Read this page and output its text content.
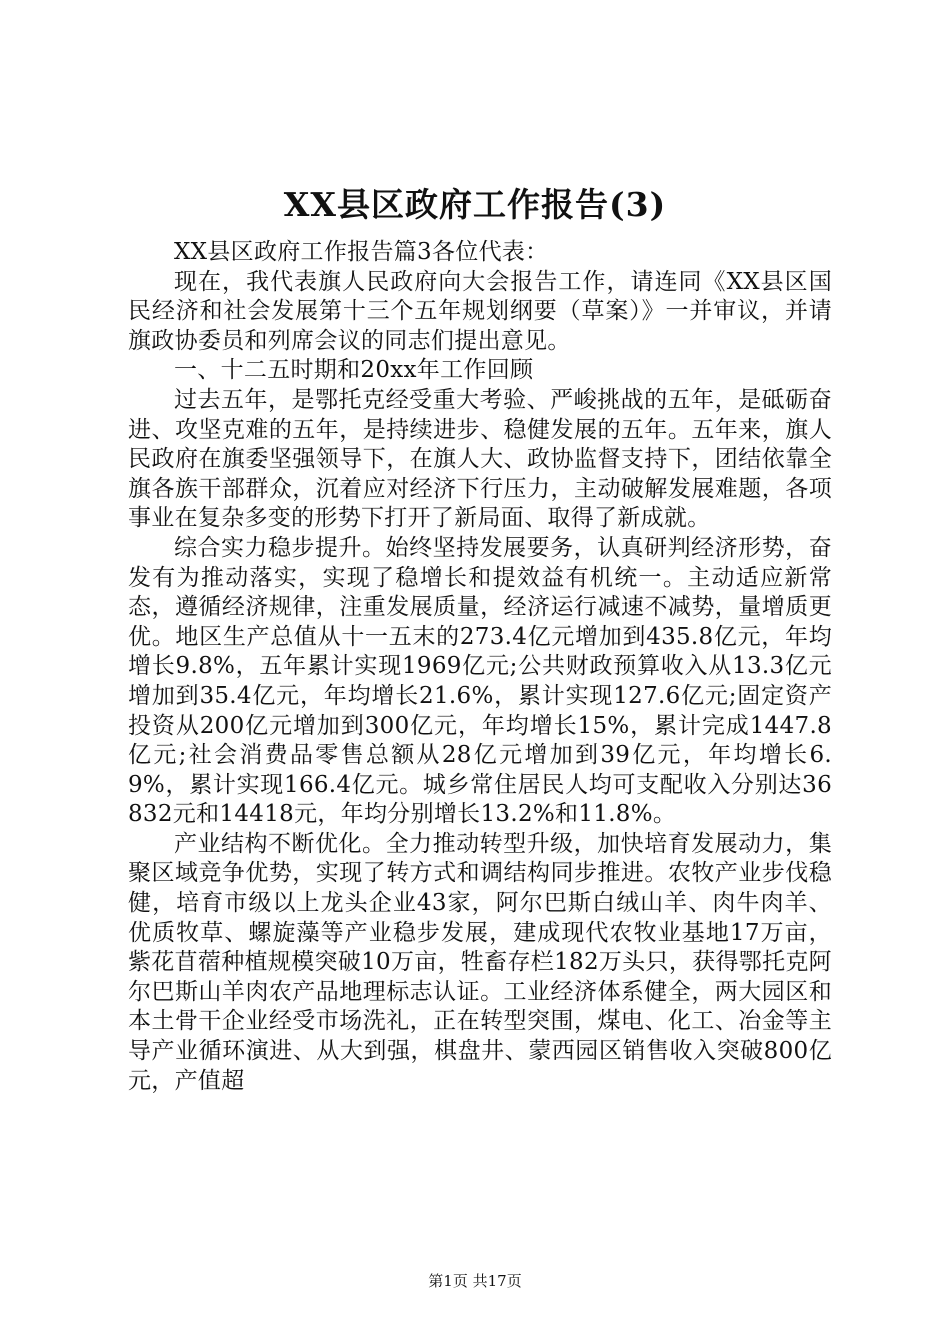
XX县区政府工作报告(3)

XX县区政府工作报告篇3各位代表：

现在，我代表旗人民政府向大会报告工作，请连同《XX县区国民经济和社会发展第十三个五年规划纲要（草案）》一并审议，并请旗政协委员和列席会议的同志们提出意见。

一、十二五时期和20xx年工作回顾

过去五年，是鄂托克经受重大考验、严峻挑战的五年，是砥砺奋进、攻坚克难的五年，是持续进步、稳健发展的五年。五年来，旗人民政府在旗委坚强领导下，在旗人大、政协监督支持下，团结依靠全旗各族干部群众，沉着应对经济下行压力，主动破解发展难题，各项事业在复杂多变的形势下打开了新局面、取得了新成就。

综合实力稳步提升。始终坚持发展要务，认真研判经济形势，奋发有为推动落实，实现了稳增长和提效益有机统一。主动适应新常态，遵循经济规律，注重发展质量，经济运行减速不减势，量增质更优。地区生产总值从十一五末的273.4亿元增加到435.8亿元，年均增长9.8%，五年累计实现1969亿元;公共财政预算收入从13.3亿元增加到35.4亿元，年均增长21.6%，累计实现127.6亿元;固定资产投资从200亿元增加到300亿元，年均增长15%，累计完成1447.8亿元;社会消费品零售总额从28亿元增加到39亿元，年均增长6.9%，累计实现166.4亿元。城乡常住居民人均可支配收入分别达36832元和14418元，年均分别增长13.2%和11.8%。

产业结构不断优化。全力推动转型升级，加快培育发展动力，集聚区域竞争优势，实现了转方式和调结构同步推进。农牧产业步伐稳健，培育市级以上龙头企业43家，阿尔巴斯白绒山羊、肉牛肉羊、优质牧草、螺旋藻等产业稳步发展，建成现代农牧业基地17万亩，紫花苜蓿种植规模突破10万亩，牲畜存栏182万头只，获得鄂托克阿尔巴斯山羊肉农产品地理标志认证。工业经济体系健全，两大园区和本土骨干企业经受市场洗礼，正在转型突围，煤电、化工、冶金等主导产业循环演进、从大到强，棋盘井、蒙西园区销售收入突破800亿元，产值超

第1页 共17页
